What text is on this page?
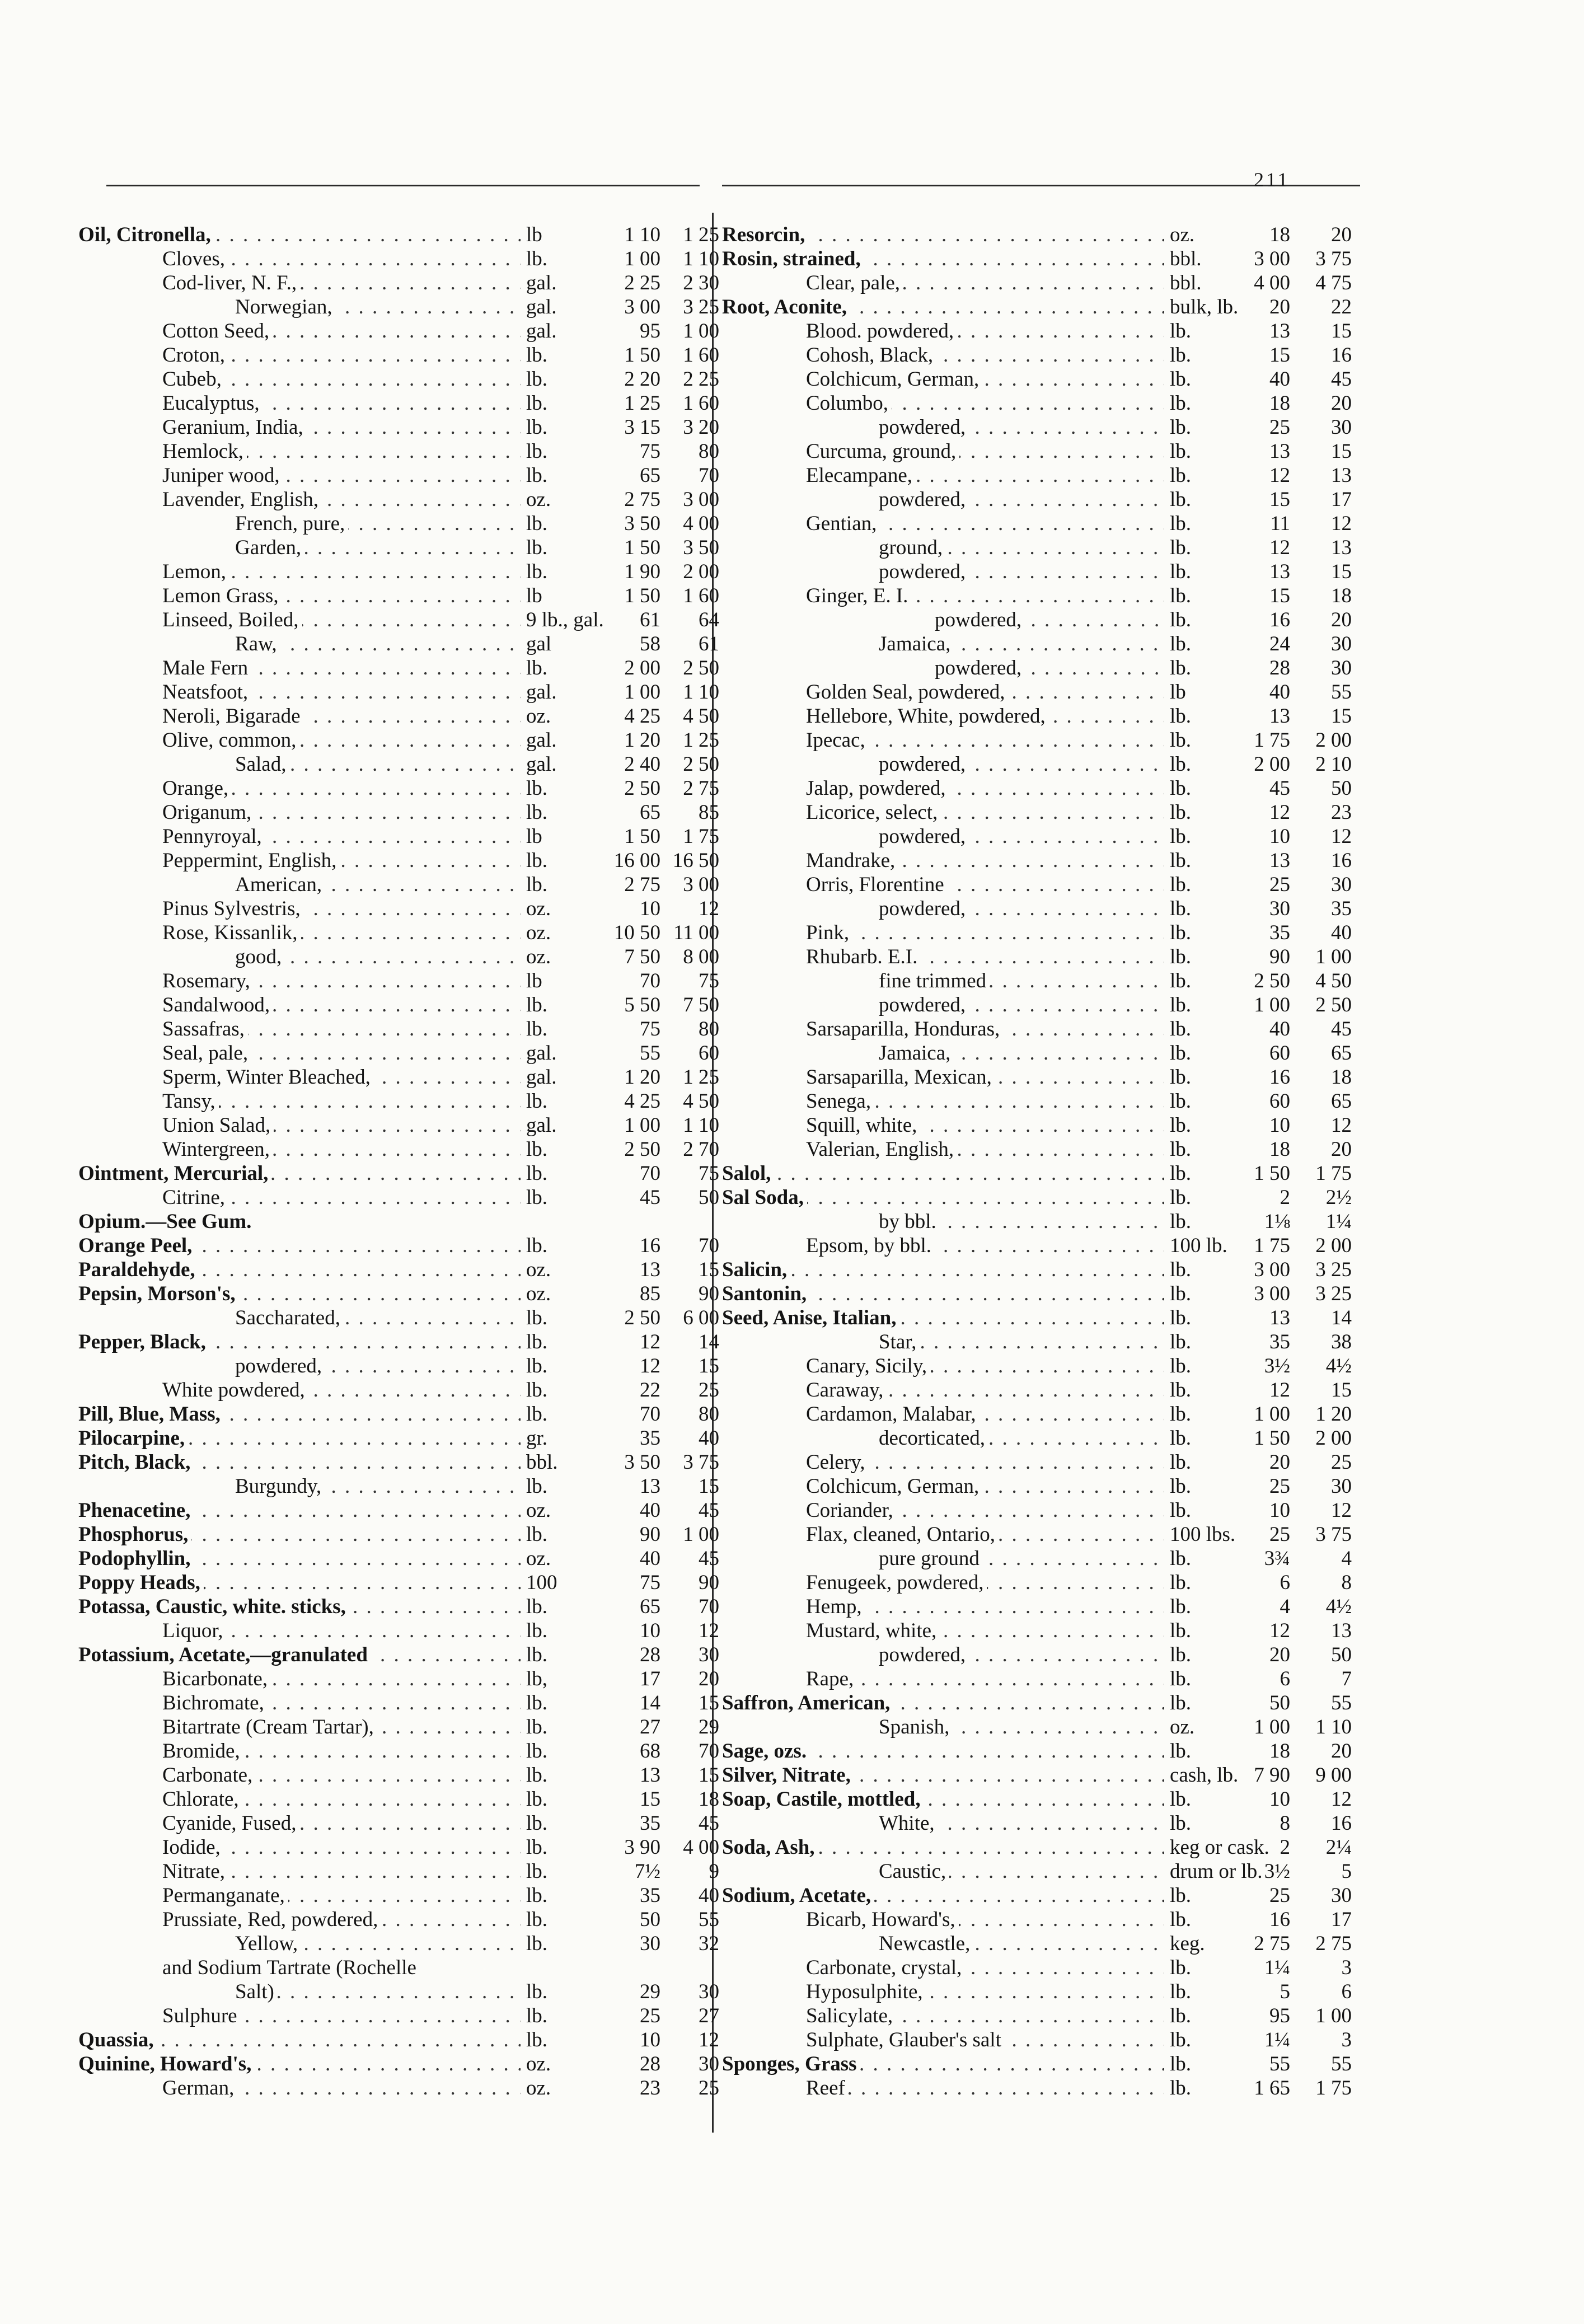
211
Oil, Citronella, . . .	lb	1 10	1 25
Cloves, . . .	lb.	1 00	1 10
Cod-liver, N. F., . . .	gal.	2 25	2 30
Norwegian, . . .	gal.	3 00	3 25
Cotton Seed, . . .	gal.	95	1 00
Croton, . . .	lb.	1 50	1 60
Cubeb, . . .	lb.	2 20	2 25
Eucalyptus, . . .	lb.	1 25	1 60
Geranium, India, . . .	lb.	3 15	3 20
Hemlock, . . .	lb.	75	80
Juniper wood, . . .	lb.	65	70
Lavender, English, . . .	oz.	2 75	3 00
French, pure, . . .	lb.	3 50	4 00
Garden, . . .	lb.	1 50	3 50
Lemon, . . .	lb.	1 90	2 00
Lemon Grass, . . .	lb	1 50	1 60
Linseed, Boiled, . . .	9 lb., gal.	61	64
Raw, . . .	gal	58	61
Male Fern . . .	lb.	2 00	2 50
Neatsfoot, . . .	gal.	1 00	1 10
Neroli, Bigarade . . .	oz.	4 25	4 50
Olive, common, . . .	gal.	1 20	1 25
Salad, . . .	gal.	2 40	2 50
Orange, . . .	lb.	2 50	2 75
Origanum, . . .	lb.	65	85
Pennyroyal, . . .	lb	1 50	1 75
Peppermint, English, . . .	lb.	16 00 16 50
American, . . .	lb.	2 75	3 00
Pinus Sylvestris, . . .	oz.	10	12
Rose, Kissanlik, . . .	oz.	10 50 11 00
good, . . .	oz.	7 50	8 00
Rosemary, . . .	lb	70	75
Sandalwood, . . .	lb.	5 50	7 50
Sassafras, . . .	lb.	75	80
Seal, pale, . . .	gal.	55	60
Sperm, Winter Bleached, . . .	gal.	1 20	1 25
Tansy, . . .	lb.	4 25	4 50
Union Salad, . . .	gal.	1 00	1 10
Wintergreen, . . .	lb.	2 50	2 70
Ointment, Mercurial, . . .	lb.	70	75
Citrine, . . .	lb.	45	50
Opium.—See Gum.
Orange Peel, . . .	lb.	16	70
Paraldehyde, . . .	oz.	13	15
Pepsin, Morson's, . . .	oz.	85	90
Saccharated, . . .	lb.	2 50	6 00
Pepper, Black, . . .	lb.	12	14
powdered, . . .	lb.	12	15
White powdered, . . .	lb.	22	25
Pill, Blue, Mass, . . .	lb.	70	80
Pilocarpine, . . .	gr.	35	40
Pitch, Black, . . .	bbl.	3 50	3 75
Burgundy, . . .	lb.	13	15
Phenacetine, . . .	oz.	40	45
Phosphorus, . . .	lb.	90	1 00
Podophyllin, . . .	oz.	40	45
Poppy Heads, . . .	100	75	90
Potassa, Caustic, white. sticks, . . .	lb.	65	70
Liquor, . . .	lb.	10	12
Potassium, Acetate,—granulated . . .	lb.	28	30
Bicarbonate, . . .	lb,	17	20
Bichromate, . . .	lb.	14	15
Bitartrate (Cream Tartar), . . .	lb.	27	29
Bromide, . . .	lb.	68	70
Carbonate, . . .	lb.	13	15
Chlorate, . . .	lb.	15	18
Cyanide, Fused, . . .	lb.	35	45
Iodide, . . .	lb.	3 90	4 00
Nitrate, . . .	lb.	7½	9
Permanganate, . . .	lb.	35	40
Prussiate, Red, powdered, . . .	lb.	50	55
Yellow, . . .	lb.	30	32
and Sodium Tartrate (Rochelle
Salt) . . .	lb.	29	30
Sulphure . . .	lb.	25	27
Quassia, . . .	lb.	10	12
Quinine, Howard's, . . .	oz.	28	30
German, . . .	oz.	23	25
Resorcin, . . .	oz.	18	20
Rosin, strained, . . .	bbl.	3 00	3 75
Clear, pale, . . .	bbl.	4 00	4 75
Root, Aconite, . . .	bulk, lb.	20	22
Blood. powdered, . . .	lb.	13	15
Cohosh, Black, . . .	lb.	15	16
Colchicum, German, . . .	lb.	40	45
Columbo, . . .	lb.	18	20
powdered, . . .	lb.	25	30
Curcuma, ground, . . .	lb.	13	15
Elecampane, . . .	lb.	12	13
powdered, . . .	lb.	15	17
Gentian, . . .	lb.	11	12
ground, . . .	lb.	12	13
powdered, . . .	lb.	13	15
Ginger, E. I. . . .	lb.	15	18
powdered, . . .	lb.	16	20
Jamaica, . . .	lb.	24	30
powdered, . . .	lb.	28	30
Golden Seal, powdered, . . .	lb	40	55
Hellebore, White, powdered, . . .	lb.	13	15
Ipecac, . . .	lb.	1 75	2 00
powdered, . . .	lb.	2 00	2 10
Jalap, powdered, . . .	lb.	45	50
Licorice, select, . . .	lb.	12	23
powdered, . . .	lb.	10	12
Mandrake, . . .	lb.	13	16
Orris, Florentine . . .	lb.	25	30
powdered, . . .	lb.	30	35
Pink, . . .	lb.	35	40
Rhubarb. E.I. . . .	lb.	90	1 00
fine trimmed . . .	lb.	2 50	4 50
powdered, . . .	lb.	1 00	2 50
Sarsaparilla, Honduras, . . .	lb.	40	45
Jamaica, . . .	lb.	60	65
Sarsaparilla, Mexican, . . .	lb.	16	18
Senega, . . .	lb.	60	65
Squill, white, . . .	lb.	10	12
Valerian, English, . . .	lb.	18	20
Salol, . . .	lb.	1 50	1 75
Sal Soda, . . .	lb.	2	2½
by bbl. . . .	lb.	1⅛	1¼
Epsom, by bbl. . . .	100 lb.	1 75	2 00
Salicin, . . .	lb.	3 00	3 25
Santonin, . . .	lb.	3 00	3 25
Seed, Anise, Italian, . . .	lb.	13	14
Star, . . .	lb.	35	38
Canary, Sicily, . . .	lb.	3½	4½
Caraway, . . .	lb.	12	15
Cardamon, Malabar, . . .	lb.	1 00	1 20
decorticated, . . .	lb.	1 50	2 00
Celery, . . .	lb.	20	25
Colchicum, German, . . .	lb.	25	30
Coriander, . . .	lb.	10	12
Flax, cleaned, Ontario, . . .	100 lbs.	25	3 75
pure ground . . .	lb.	3¾	4
Fenugeek, powdered, . . .	lb.	6	8
Hemp, . . .	lb.	4	4½
Mustard, white, . . .	lb.	12	13
powdered, . . .	lb.	20	50
Rape, . . .	lb.	6	7
Saffron, American, . . .	lb.	50	55
Spanish, . . .	oz.	1 00	1 10
Sage, ozs. . . .	lb.	18	20
Silver, Nitrate, . . .	cash, lb. 7 90	9 00
Soap, Castile, mottled, . . .	lb.	10	12
White, . . .	lb.	8	16
Soda, Ash, . . .	keg or cask. 2	2¼
Caustic, . . .	drum or lb. 3½	5
Sodium, Acetate, . . .	lb.	25	30
Bicarb, Howard's, . . .	lb.	16	17
Newcastle, . . .	keg.	2 75	2 75
Carbonate, crystal, . . .	lb.	1¼	3
Hyposulphite, . . .	lb.	5	6
Salicylate, . . .	lb.	95	1 00
Sulphate, Glauber's salt . . .	lb.	1¼	3
Sponges, Grass . . .	lb.	55	55
Reef . . .	lb.	1 65	1 75
